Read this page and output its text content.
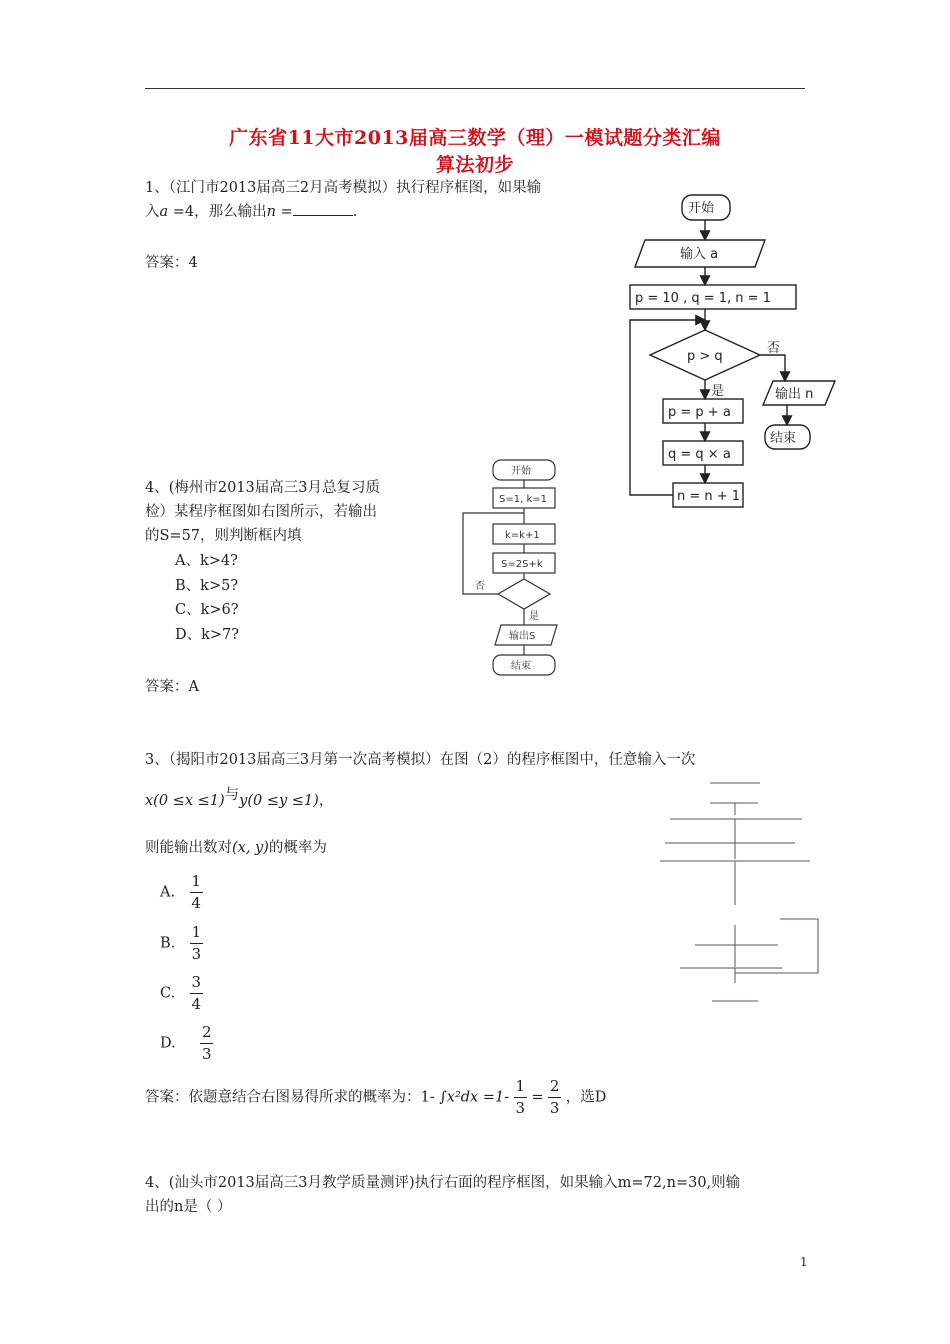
广东省11大市2013届高三数学（理）一模试题分类汇编
算法初步
1、（江门市2013届高三2月高考模拟）执行程序框图，如果输
入a =4，那么输出n =	.
答案：4
开始
输入 a
p = 10 , q = 1, n = 1
p > q
否
是
p = p + a
q = q × a
n = n + 1
输出 n
结束
4、(梅州市2013届高三3月总复习质
检）某程序框图如右图所示，若输出
的S=57，则判断框内填
A、k>4?
B、k>5?
C、k>6?
D、k>7?
答案：A
开始
S=1, k=1
k=k+1
S=2S+k
否
是
输出S
结束
3、（揭阳市2013届高三3月第一次高考模拟）在图（2）的程序框图中，任意输入一次
x(0 ≤x ≤1)与y(0 ≤y ≤1)，
则能输出数对(x, y)的概率为
A. $\frac{1}{4}$
B. $\frac{1}{3}$
C. $\frac{3}{4}$
D. $\frac{2}{3}$
答案：依题意结合右图易得所求的概率为：1- $\int x^2dx =1- \frac{1}{3} = \frac{2}{3}$ ，选D
4、(汕头市2013届高三3月教学质量测评)执行右面的程序框图，如果输入m=72,n=30,则输
出的n是（ ）
1
